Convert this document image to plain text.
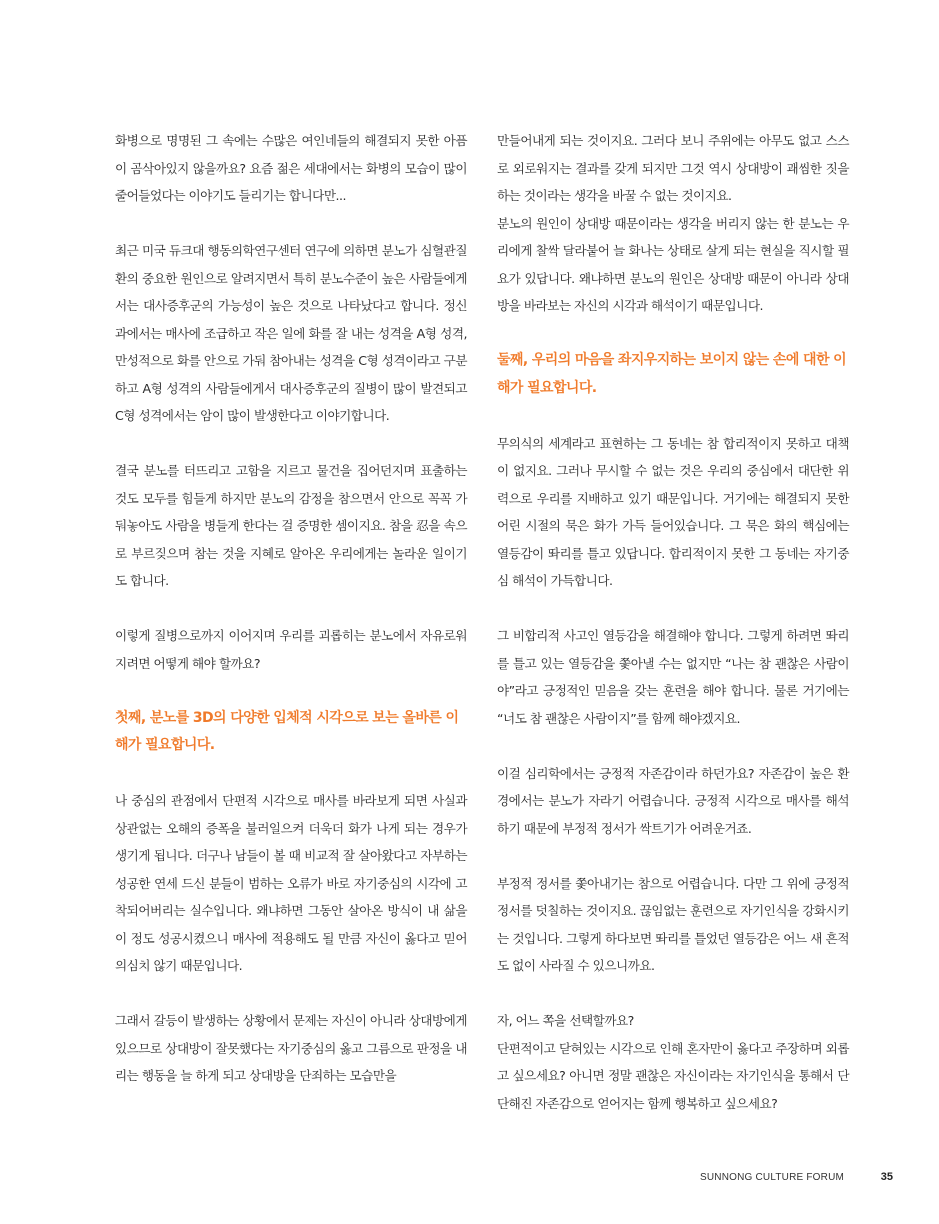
화병으로 명명된 그 속에는 수많은 여인네들의 해결되지 못한 아픔이 곰삭아있지 않을까요? 요즘 젊은 세대에서는 화병의 모습이 많이 줄어들었다는 이야기도 들리기는 합니다만...

최근 미국 듀크대 행동의학연구센터 연구에 의하면 분노가 심혈관질환의 중요한 원인으로 알려지면서 특히 분노수준이 높은 사람들에게서는 대사증후군의 가능성이 높은 것으로 나타났다고 합니다. 정신과에서는 매사에 조급하고 작은 일에 화를 잘 내는 성격을 A형 성격, 만성적으로 화를 안으로 가둬 참아내는 성격을 C형 성격이라고 구분하고 A형 성격의 사람들에게서 대사증후군의 질병이 많이 발견되고 C형 성격에서는 암이 많이 발생한다고 이야기합니다.

결국 분노를 터뜨리고 고함을 지르고 물건을 집어던지며 표출하는 것도 모두를 힘들게 하지만 분노의 감정을 참으면서 안으로 꼭꼭 가둬놓아도 사람을 병들게 한다는 걸 증명한 셈이지요. 참을 忍을 속으로 부르짖으며 참는 것을 지혜로 알아온 우리에게는 놀라운 일이기도 합니다.

이렇게 질병으로까지 이어지며 우리를 괴롭히는 분노에서 자유로워지려면 어떻게 해야 할까요?

첫째, 분노를 3D의 다양한 입체적 시각으로 보는 올바른 이해가 필요합니다.

나 중심의 관점에서 단편적 시각으로 매사를 바라보게 되면 사실과 상관없는 오해의 증폭을 불러일으켜 더욱더 화가 나게 되는 경우가 생기게 됩니다. 더구나 남들이 볼 때 비교적 잘 살아왔다고 자부하는 성공한 연세 드신 분들이 범하는 오류가 바로 자기중심의 시각에 고착되어버리는 실수입니다. 왜냐하면 그동안 살아온 방식이 내 삶을 이 정도 성공시켰으니 매사에 적용해도 될 만큼 자신이 옳다고 믿어 의심치 않기 때문입니다.

그래서 갈등이 발생하는 상황에서 문제는 자신이 아니라 상대방에게 있으므로 상대방이 잘못했다는 자기중심의 옳고 그름으로 판정을 내리는 행동을 늘 하게 되고 상대방을 단죄하는 모습만을

만들어내게 되는 것이지요. 그러다 보니 주위에는 아무도 없고 스스로 외로워지는 결과를 갖게 되지만 그것 역시 상대방이 괘씸한 짓을 하는 것이라는 생각을 바꿀 수 없는 것이지요.

분노의 원인이 상대방 때문이라는 생각을 버리지 않는 한 분노는 우리에게 찰싹 달라붙어 늘 화나는 상태로 살게 되는 현실을 직시할 필요가 있답니다. 왜냐하면 분노의 원인은 상대방 때문이 아니라 상대방을 바라보는 자신의 시각과 해석이기 때문입니다.

둘째, 우리의 마음을 좌지우지하는 보이지 않는 손에 대한 이해가 필요합니다.

무의식의 세계라고 표현하는 그 동네는 참 합리적이지 못하고 대책이 없지요. 그러나 무시할 수 없는 것은 우리의 중심에서 대단한 위력으로 우리를 지배하고 있기 때문입니다. 거기에는 해결되지 못한 어린 시절의 묵은 화가 가득 들어있습니다. 그 묵은 화의 핵심에는 열등감이 똬리를 틀고 있답니다. 합리적이지 못한 그 동네는 자기중심 해석이 가득합니다.

그 비합리적 사고인 열등감을 해결해야 합니다. 그렇게 하려면 똬리를 틀고 있는 열등감을 쫓아낼 수는 없지만 “나는 참 괜찮은 사람이야”라고 긍정적인 믿음을 갖는 훈련을 해야 합니다. 물론 거기에는 “너도 참 괜찮은 사람이지”를 함께 해야겠지요.

이걸 심리학에서는 긍정적 자존감이라 하던가요? 자존감이 높은 환경에서는 분노가 자라기 어렵습니다. 긍정적 시각으로 매사를 해석하기 때문에 부정적 정서가 싹트기가 어려운거죠.

부정적 정서를 쫓아내기는 참으로 어렵습니다. 다만 그 위에 긍정적 정서를 덧칠하는 것이지요. 끊임없는 훈련으로 자기인식을 강화시키는 것입니다. 그렇게 하다보면 똬리를 틀었던 열등감은 어느 새 흔적도 없이 사라질 수 있으니까요.

자, 어느 쪽을 선택할까요?

단편적이고 닫혀있는 시각으로 인해 혼자만이 옳다고 주장하며 외롭고 싶으세요? 아니면 정말 괜찮은 자신이라는 자기인식을 통해서 단단해진 자존감으로 얻어지는 함께 행복하고 싶으세요?

SUNNONG CULTURE FORUM	35
